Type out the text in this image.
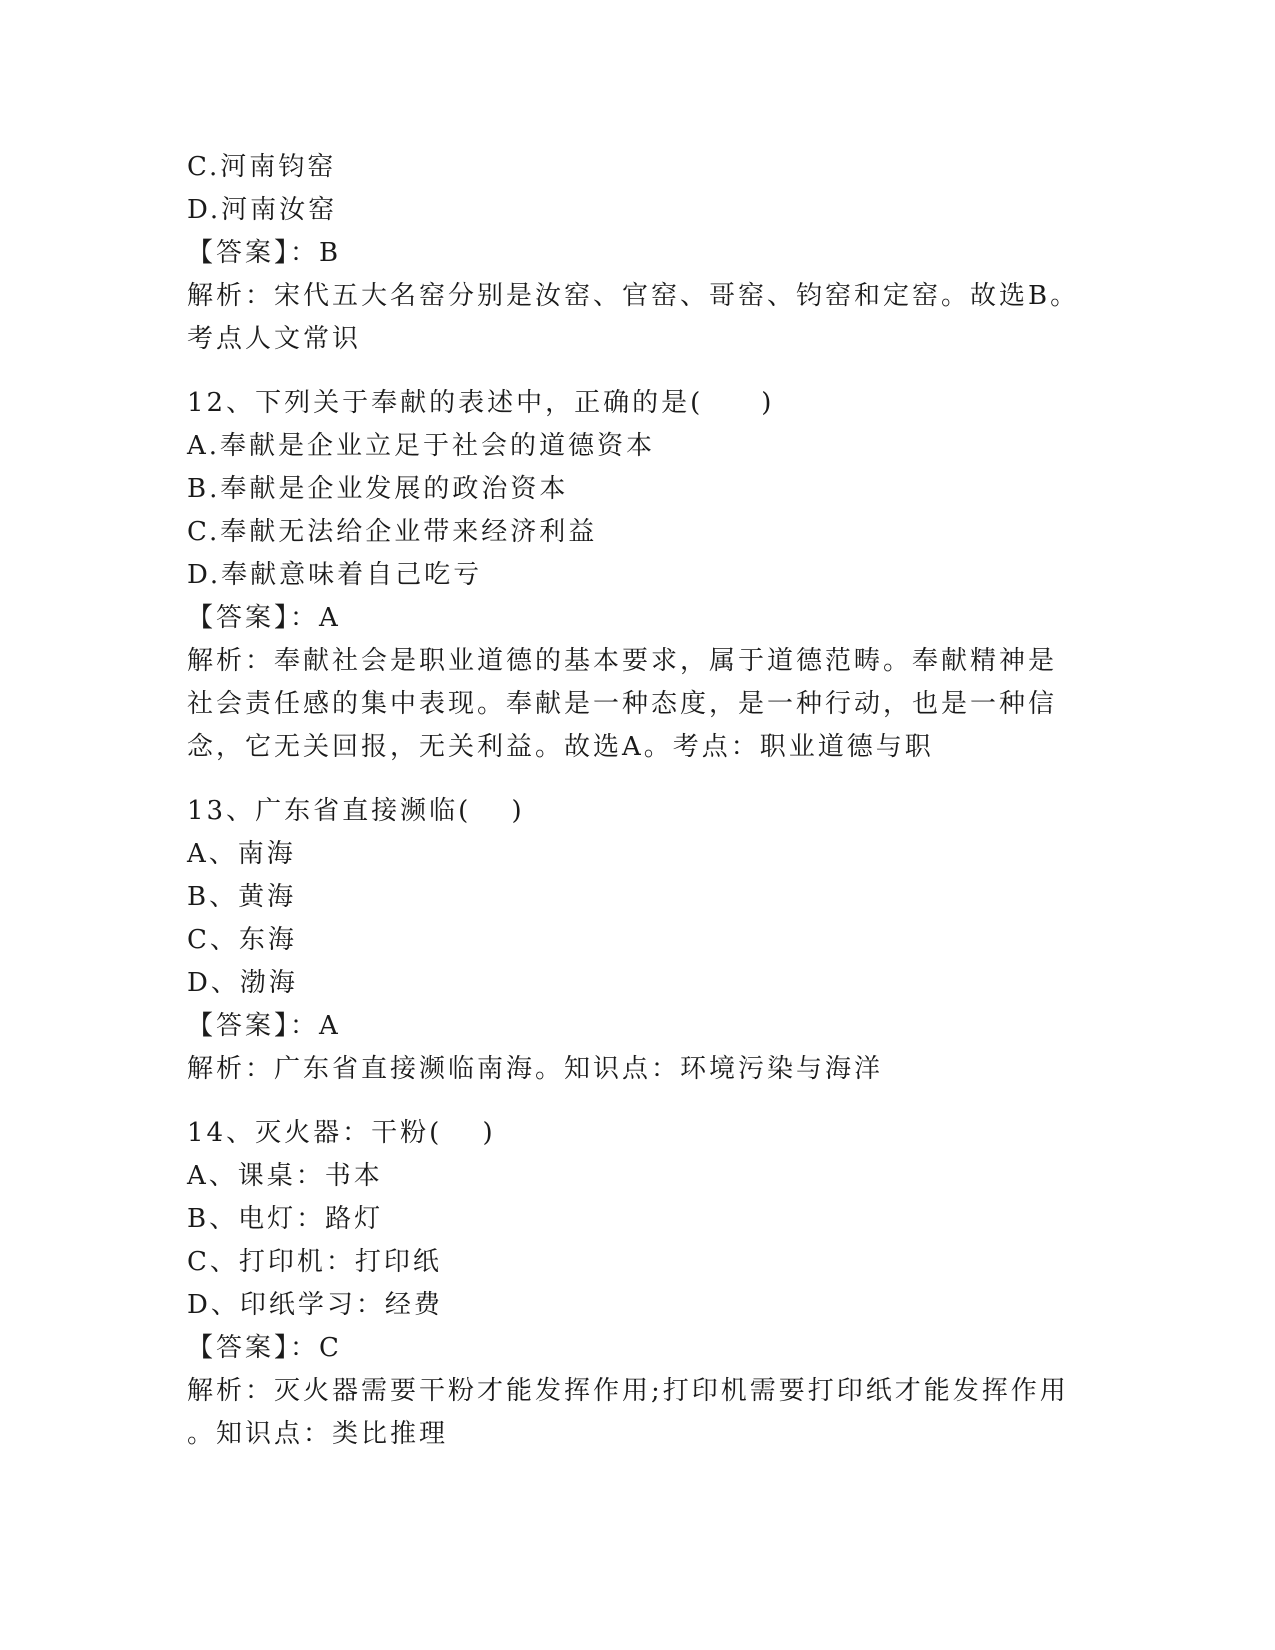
C.河南钧窑
D.河南汝窑
【答案】：B
解析：宋代五大名窑分别是汝窑、官窑、哥窑、钧窑和定窑。故选B。
考点人文常识
12、下列关于奉献的表述中，正确的是(　　)
A.奉献是企业立足于社会的道德资本
B.奉献是企业发展的政治资本
C.奉献无法给企业带来经济利益
D.奉献意味着自己吃亏
【答案】：A
解析：奉献社会是职业道德的基本要求，属于道德范畴。奉献精神是
社会责任感的集中表现。奉献是一种态度，是一种行动，也是一种信
念，它无关回报，无关利益。故选A。考点：职业道德与职
13、广东省直接濒临(　 )
A、南海
B、黄海
C、东海
D、渤海
【答案】：A
解析：广东省直接濒临南海。知识点：环境污染与海洋
14、灭火器：干粉(　 )
A、课桌：书本
B、电灯：路灯
C、打印机：打印纸
D、印纸学习：经费
【答案】：C
解析：灭火器需要干粉才能发挥作用;打印机需要打印纸才能发挥作用
。知识点：类比推理
